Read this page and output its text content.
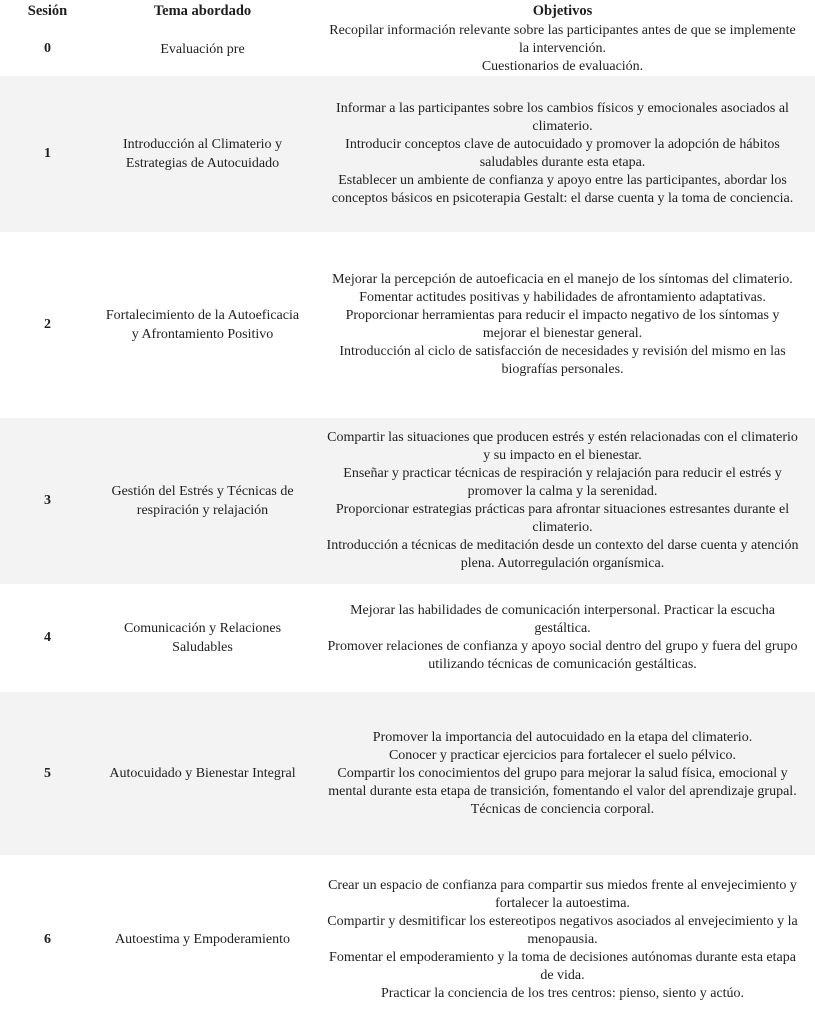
Sesión	Tema abordado	Objetivos
0	Evaluación pre	Recopilar información relevante sobre las participantes antes de que se implemente la intervención.
Cuestionarios de evaluación.

1	Introducción al Climaterio y Estrategias de Autocuidado	Informar a las participantes sobre los cambios físicos y emocionales asociados al climaterio.
Introducir conceptos clave de autocuidado y promover la adopción de hábitos saludables durante esta etapa.
Establecer un ambiente de confianza y apoyo entre las participantes, abordar los conceptos básicos en psicoterapia Gestalt: el darse cuenta y la toma de conciencia.

2	Fortalecimiento de la Autoeficacia y Afrontamiento Positivo	Mejorar la percepción de autoeficacia en el manejo de los síntomas del climaterio.
Fomentar actitudes positivas y habilidades de afrontamiento adaptativas.
Proporcionar herramientas para reducir el impacto negativo de los síntomas y mejorar el bienestar general.
Introducción al ciclo de satisfacción de necesidades y revisión del mismo en las biografías personales.

3	Gestión del Estrés y Técnicas de respiración y relajación	Compartir las situaciones que producen estrés y estén relacionadas con el climaterio y su impacto en el bienestar.
Enseñar y practicar técnicas de respiración y relajación para reducir el estrés y promover la calma y la serenidad.
Proporcionar estrategias prácticas para afrontar situaciones estresantes durante el climaterio.
Introducción a técnicas de meditación desde un contexto del darse cuenta y atención plena. Autorregulación organísmica.

4	Comunicación y Relaciones Saludables	Mejorar las habilidades de comunicación interpersonal. Practicar la escucha gestáltica.
Promover relaciones de confianza y apoyo social dentro del grupo y fuera del grupo utilizando técnicas de comunicación gestálticas.

5	Autocuidado y Bienestar Integral	Promover la importancia del autocuidado en la etapa del climaterio.
Conocer y practicar ejercicios para fortalecer el suelo pélvico.
Compartir los conocimientos del grupo para mejorar la salud física, emocional y mental durante esta etapa de transición, fomentando el valor del aprendizaje grupal.
Técnicas de conciencia corporal.

6	Autoestima y Empoderamiento	Crear un espacio de confianza para compartir sus miedos frente al envejecimiento y fortalecer la autoestima.
Compartir y desmitificar los estereotipos negativos asociados al envejecimiento y la menopausia.
Fomentar el empoderamiento y la toma de decisiones autónomas durante esta etapa de vida.
Practicar la conciencia de los tres centros: pienso, siento y actúo.
